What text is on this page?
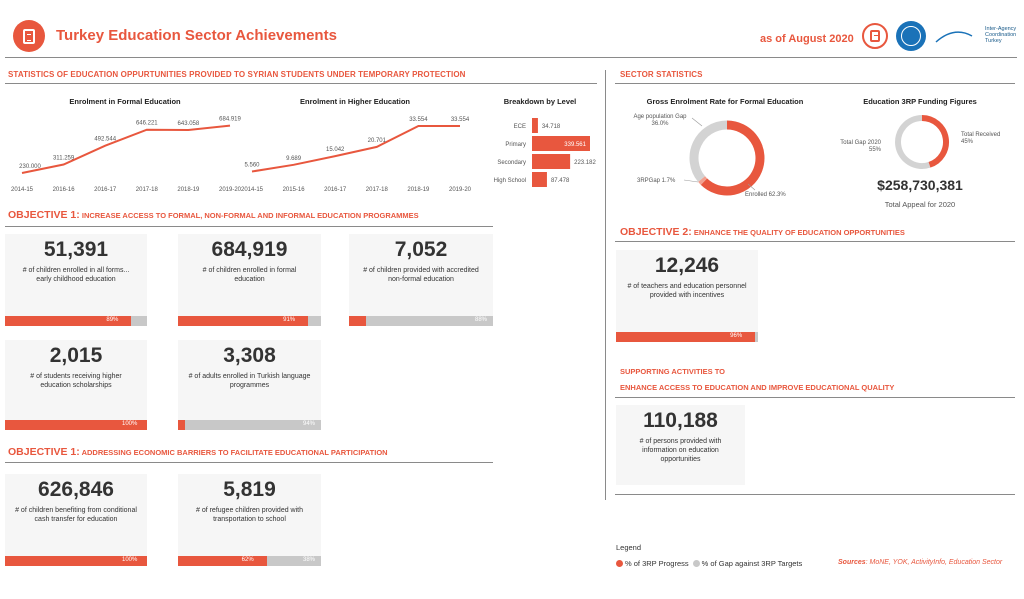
Turkey Education Sector Achievements	as of August 2020
Inter-Agency
Coordination
Turkey
STATISTICS OF EDUCATION OPPURTUNITIES PROVIDED TO SYRIAN STUDENTS UNDER TEMPORARY PROTECTION	SECTOR STATISTICS
Enrolment in Formal Education
230.000
2014-15
311.259
2016-16
492.544
2016-17
646.221
2017-18
643.058
2018-19
684.919
2019-20
Enrolment in Higher Education
5.560
2014-15
9.689
2015-16
15.042
2016-17
20.701
2017-18
33.554
2018-19
33.554
2019-20
Breakdown by Level
ECE	34.718
Primary	339.561
Secondary	223.182
High School	87.478
Gross Enrolment Rate for Formal Education
Age population Gap 36.0%
Enrolled 62.3%
3RPGap 1.7%
Education 3RP Funding Figures
Total Received 45%
Total Gap 2020 55%
$258,730,381
Total Appeal for 2020
OBJECTIVE 1: INCREASE ACCESS TO FORMAL, NON-FORMAL AND INFORMAL EDUCATION PROGRAMMES
OBJECTIVE 1: ADDRESSING ECONOMIC BARRIERS TO FACILITATE EDUCATIONAL PARTICIPATION
OBJECTIVE 2: ENHANCE THE QUALITY OF EDUCATION OPPORTUNITIES
SUPPORTING ACTIVITIES TO
ENHANCE ACCESS TO EDUCATION AND IMPROVE EDUCATIONAL QUALITY
Legend
% of 3RP Progress % of Gap against 3RP Targets	Sources: MoNE, YOK, ActivityInfo, Education Sector
51,391
# of children enrolled in all forms... early childhood education
89%
684,919
# of children enrolled in formal education
91%
7,052
# of children provided with accredited non-formal education
88%
2,015
# of students receiving higher education scholarships
100%
3,308
# of adults enrolled in Turkish language programmes
94%
626,846
# of children benefiting from conditional cash transfer for education
100%
5,819
# of refugee children provided with transportation to school
62%	38%
12,246
# of teachers and education personnel provided with incentives
96%
110,188
# of persons provided with information on education opportunities
